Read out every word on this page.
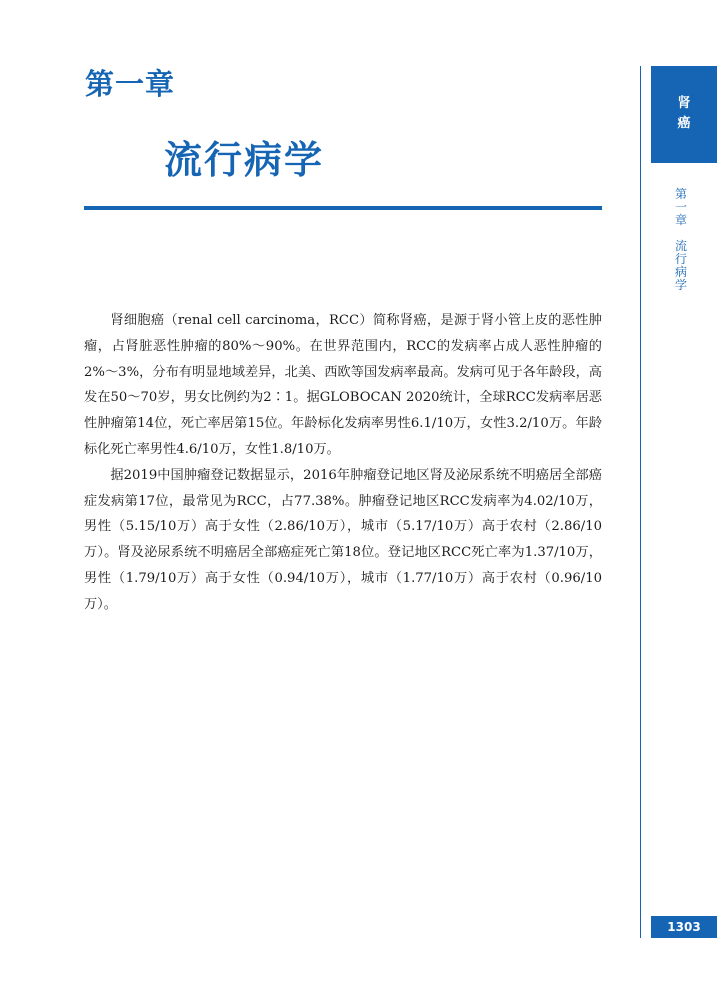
第一章
流行病学
肾
癌
第
一
章

流
行
病
学

肾细胞癌（renal cell carcinoma，RCC）简称肾癌，是源于肾小管上皮的恶性肿瘤，占肾脏恶性肿瘤的80%～90%。在世界范围内，RCC的发病率占成人恶性肿瘤的2%～3%，分布有明显地域差异，北美、西欧等国发病率最高。发病可见于各年龄段，高发在50～70岁，男女比例约为2∶1。据GLOBOCAN 2020统计，全球RCC发病率居恶性肿瘤第14位，死亡率居第15位。年龄标化发病率男性6.1/10万，女性3.2/10万。年龄标化死亡率男性4.6/10万，女性1.8/10万。

据2019中国肿瘤登记数据显示，2016年肿瘤登记地区肾及泌尿系统不明癌居全部癌症发病第17位，最常见为RCC，占77.38%。肿瘤登记地区RCC发病率为4.02/10万，男性（5.15/10万）高于女性（2.86/10万），城市（5.17/10万）高于农村（2.86/10万）。肾及泌尿系统不明癌居全部癌症死亡第18位。登记地区RCC死亡率为1.37/10万，男性（1.79/10万）高于女性（0.94/10万），城市（1.77/10万）高于农村（0.96/10万）。

1303
